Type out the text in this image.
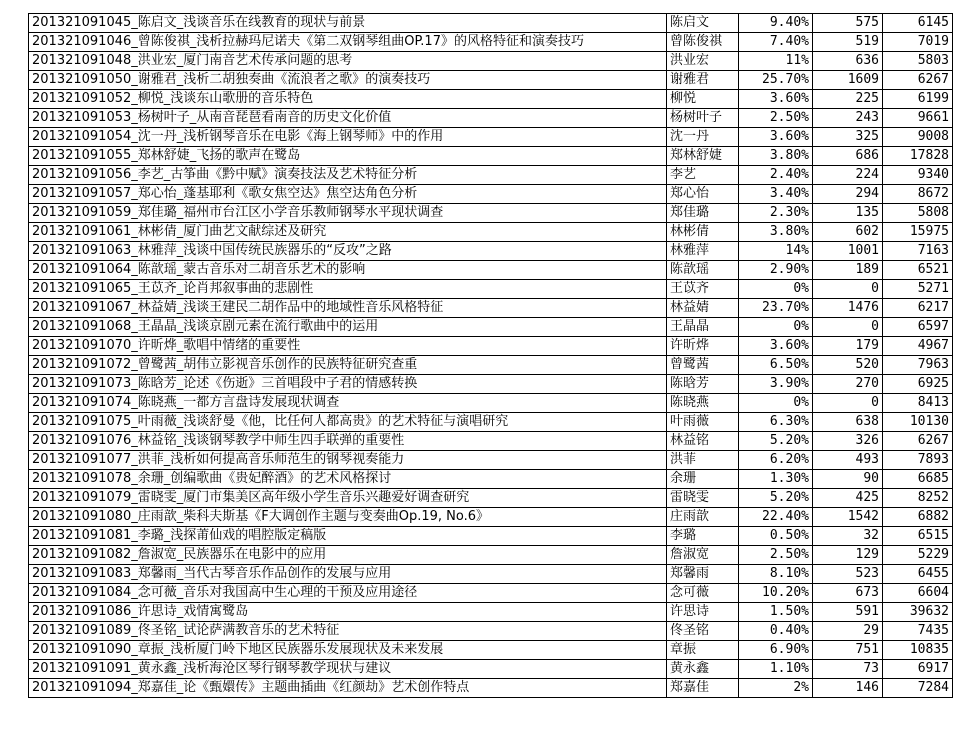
201321091045_陈启文_浅谈音乐在线教育的现状与前景	陈启文	9.40%	575	6145
201321091046_曾陈俊祺_浅析拉赫玛尼诺夫《第二双钢琴组曲OP.17》的风格特征和演奏技巧	曾陈俊祺	7.40%	519	7019
201321091048_洪业宏_厦门南音艺术传承问题的思考	洪业宏	11%	636	5803
201321091050_谢雅君_浅析二胡独奏曲《流浪者之歌》的演奏技巧	谢雅君	25.70%	1609	6267
201321091052_柳悦_浅谈东山歌册的音乐特色	柳悦	3.60%	225	6199
201321091053_杨树叶子_从南音琵琶看南音的历史文化价值	杨树叶子	2.50%	243	9661
201321091054_沈一丹_浅析钢琴音乐在电影《海上钢琴师》中的作用	沈一丹	3.60%	325	9008
201321091055_郑林舒婕_飞扬的歌声在鹭岛	郑林舒婕	3.80%	686	17828
201321091056_李艺_古筝曲《黔中赋》演奏技法及艺术特征分析	李艺	2.40%	224	9340
201321091057_郑心怡_蓬基耶利《歌女焦空达》焦空达角色分析	郑心怡	3.40%	294	8672
201321091059_郑佳璐_福州市台江区小学音乐教师钢琴水平现状调查	郑佳璐	2.30%	135	5808
201321091061_林彬倩_厦门曲艺文献综述及研究	林彬倩	3.80%	602	15975
201321091063_林雅萍_浅谈中国传统民族器乐的“反攻”之路	林雅萍	14%	1001	7163
201321091064_陈歆瑶_蒙古音乐对二胡音乐艺术的影响	陈歆瑶	2.90%	189	6521
201321091065_王苡齐_论肖邦叙事曲的悲剧性	王苡齐	0%	0	5271
201321091067_林益婧_浅谈王建民二胡作品中的地域性音乐风格特征	林益婧	23.70%	1476	6217
201321091068_王晶晶_浅谈京剧元素在流行歌曲中的运用	王晶晶	0%	0	6597
201321091070_许昕烨_歌唱中情绪的重要性	许昕烨	3.60%	179	4967
201321091072_曾鹭茜_胡伟立影视音乐创作的民族特征研究查重	曾鹭茜	6.50%	520	7963
201321091073_陈晗芳_论述《伤逝》三首唱段中子君的情感转换	陈晗芳	3.90%	270	6925
201321091074_陈晓燕_一都方言盘诗发展现状调查	陈晓燕	0%	0	8413
201321091075_叶雨薇_浅谈舒曼《他，比任何人都高贵》的艺术特征与演唱研究	叶雨薇	6.30%	638	10130
201321091076_林益铭_浅谈钢琴教学中师生四手联弹的重要性	林益铭	5.20%	326	6267
201321091077_洪菲_浅析如何提高音乐师范生的钢琴视奏能力	洪菲	6.20%	493	7893
201321091078_余珊_创编歌曲《贵妃醉酒》的艺术风格探讨	余珊	1.30%	90	6685
201321091079_雷晓雯_厦门市集美区高年级小学生音乐兴趣爱好调查研究	雷晓雯	5.20%	425	8252
201321091080_庄雨歆_柴科夫斯基《F大调创作主题与变奏曲Op.19, No.6》	庄雨歆	22.40%	1542	6882
201321091081_李璐_浅探莆仙戏的唱腔版定稿版	李璐	0.50%	32	6515
201321091082_詹淑宽_民族器乐在电影中的应用	詹淑宽	2.50%	129	5229
201321091083_郑馨雨_当代古琴音乐作品创作的发展与应用	郑馨雨	8.10%	523	6455
201321091084_念可薇_音乐对我国高中生心理的干预及应用途径	念可薇	10.20%	673	6604
201321091086_许思诗_戏情寓鹭岛	许思诗	1.50%	591	39632
201321091089_佟圣铭_试论萨满教音乐的艺术特征	佟圣铭	0.40%	29	7435
201321091090_章振_浅析厦门岭下地区民族器乐发展现状及未来发展	章振	6.90%	751	10835
201321091091_黄永鑫_浅析海沧区琴行钢琴教学现状与建议	黄永鑫	1.10%	73	6917
201321091094_郑嘉佳_论《甄嬛传》主题曲插曲《红颜劫》艺术创作特点	郑嘉佳	2%	146	7284
